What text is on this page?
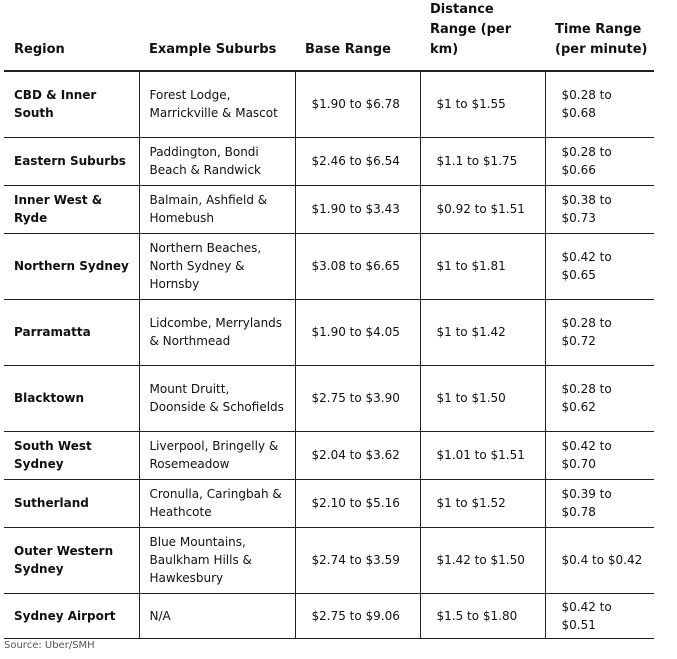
Region	Example Suburbs	Base Range	Distance Range (per km)	Time Range (per minute)
CBD & Inner South	Forest Lodge, Marrickville & Mascot	$1.90 to $6.78	$1 to $1.55	$0.28 to $0.68
Eastern Suburbs	Paddington, Bondi Beach & Randwick	$2.46 to $6.54	$1.1 to $1.75	$0.28 to $0.66
Inner West & Ryde	Balmain, Ashfield & Homebush	$1.90 to $3.43	$0.92 to $1.51	$0.38 to $0.73
Northern Sydney	Northern Beaches, North Sydney & Hornsby	$3.08 to $6.65	$1 to $1.81	$0.42 to $0.65
Parramatta	Lidcombe, Merrylands & Northmead	$1.90 to $4.05	$1 to $1.42	$0.28 to $0.72
Blacktown	Mount Druitt, Doonside & Schofields	$2.75 to $3.90	$1 to $1.50	$0.28 to $0.62
South West Sydney	Liverpool, Bringelly & Rosemeadow	$2.04 to $3.62	$1.01 to $1.51	$0.42 to $0.70
Sutherland	Cronulla, Caringbah & Heathcote	$2.10 to $5.16	$1 to $1.52	$0.39 to $0.78
Outer Western Sydney	Blue Mountains, Baulkham Hills & Hawkesbury	$2.74 to $3.59	$1.42 to $1.50	$0.4 to $0.42
Sydney Airport	N/A	$2.75 to $9.06	$1.5 to $1.80	$0.42 to $0.51
Source: Uber/SMH
